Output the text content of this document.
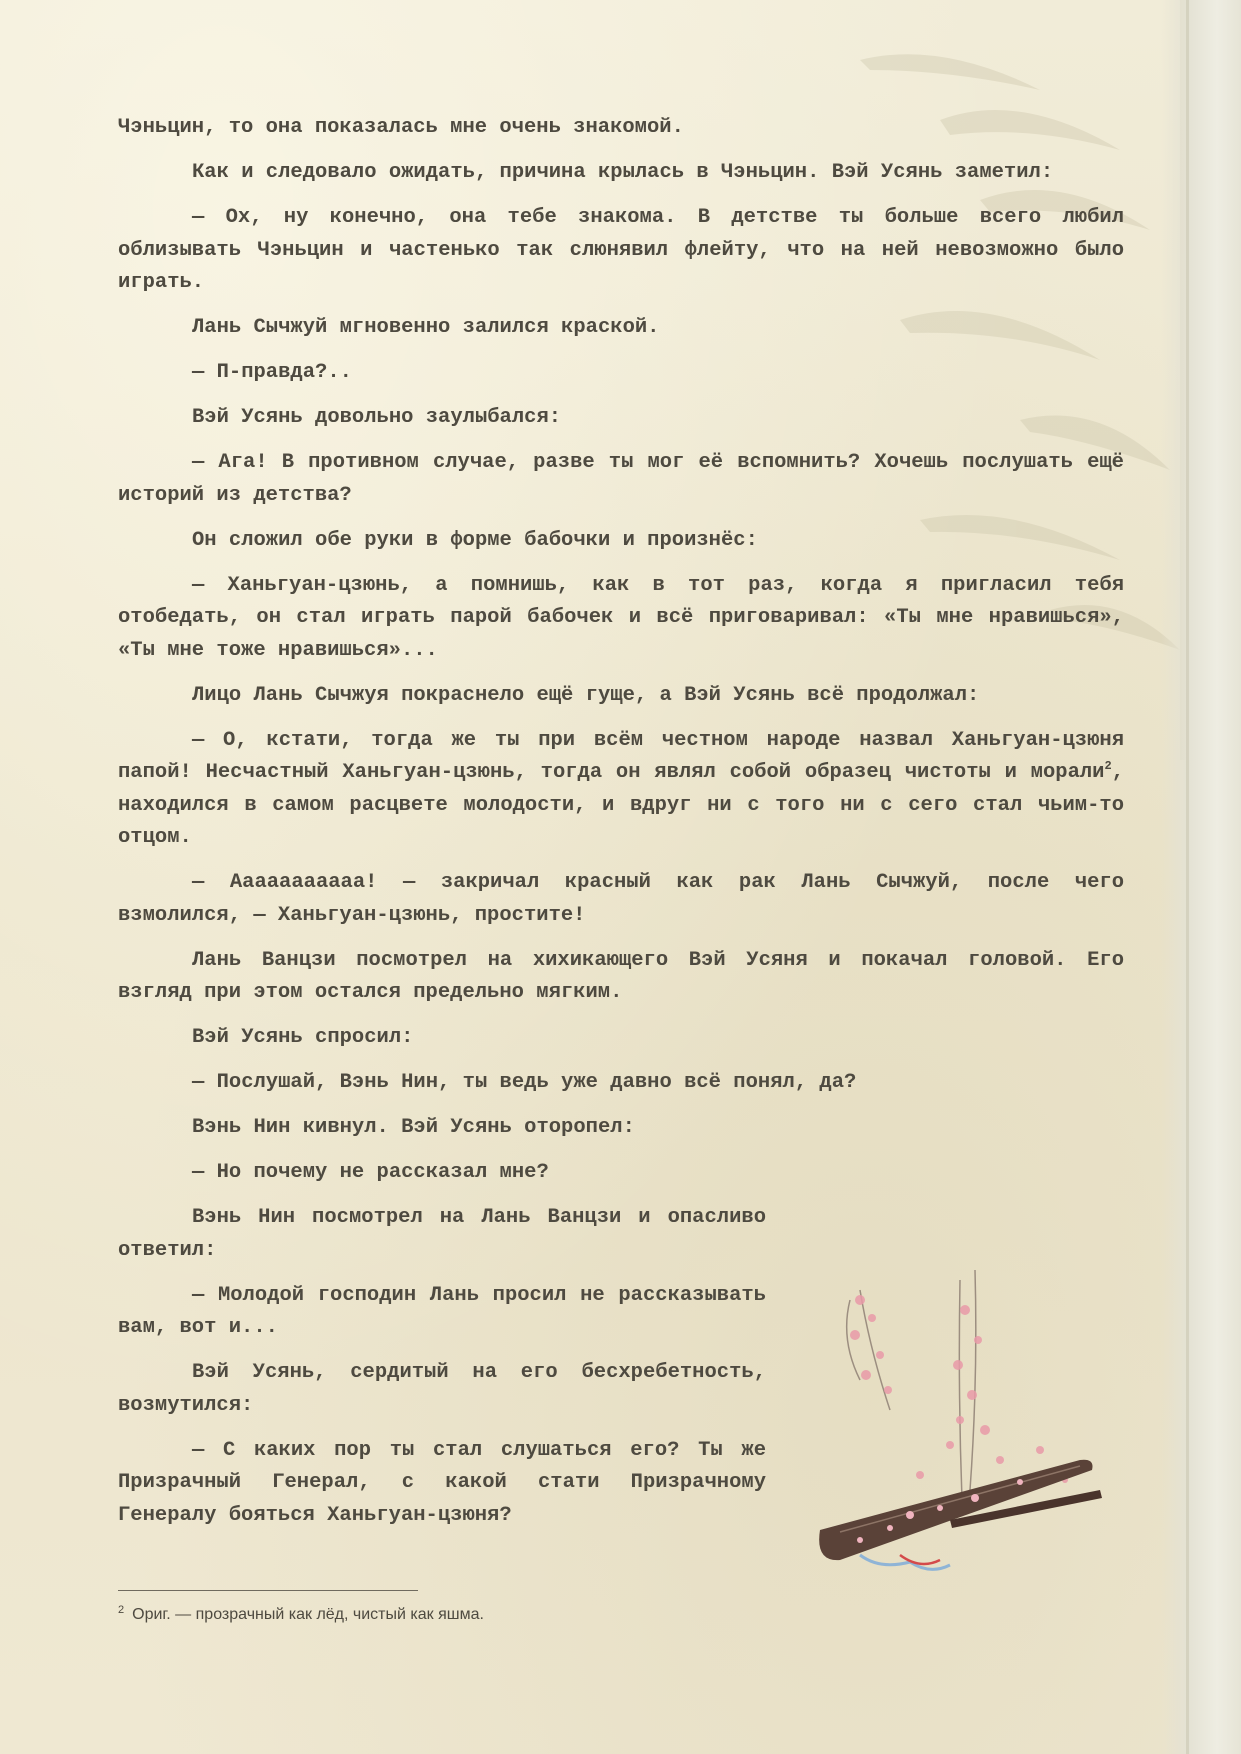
Чэньцин, то она показалась мне очень знакомой.

Как и следовало ожидать, причина крылась в Чэньцин. Вэй Усянь заметил:

— Ох, ну конечно, она тебе знакома. В детстве ты больше всего любил облизывать Чэньцин и частенько так слюнявил флейту, что на ней невозможно было играть.

Лань Сычжуй мгновенно залился краской.

— П-правда?..

Вэй Усянь довольно заулыбался:

— Ага! В противном случае, разве ты мог её вспомнить? Хочешь послушать ещё историй из детства?

Он сложил обе руки в форме бабочки и произнёс:

— Ханьгуан-цзюнь, а помнишь, как в тот раз, когда я пригласил тебя отобедать, он стал играть парой бабочек и всё приговаривал: «Ты мне нравишься», «Ты мне тоже нравишься»...

Лицо Лань Сычжуя покраснело ещё гуще, а Вэй Усянь всё продолжал:

— О, кстати, тогда же ты при всём честном народе назвал Ханьгуан-цзюня папой! Несчастный Ханьгуан-цзюнь, тогда он являл собой образец чистоты и морали$^2$, находился в самом расцвете молодости, и вдруг ни с того ни с сего стал чьим-то отцом.

— Ааааааааааа! — закричал красный как рак Лань Сычжуй, после чего взмолился, — Ханьгуан-цзюнь, простите!

Лань Ванцзи посмотрел на хихикающего Вэй Усяня и покачал головой. Его взгляд при этом остался предельно мягким.

Вэй Усянь спросил:

— Послушай, Вэнь Нин, ты ведь уже давно всё понял, да?

Вэнь Нин кивнул. Вэй Усянь оторопел:

— Но почему не рассказал мне?

Вэнь Нин посмотрел на Лань Ванцзи и опасливо ответил:

— Молодой господин Лань просил не рассказывать вам, вот и...

Вэй Усянь, сердитый на его бесхребетность, возмутился:

— С каких пор ты стал слушаться его? Ты же Призрачный Генерал, с какой стати Призрачному Генералу бояться Ханьгуан-цзюня?

$^2$ Ориг. — прозрачный как лёд, чистый как яшма.
